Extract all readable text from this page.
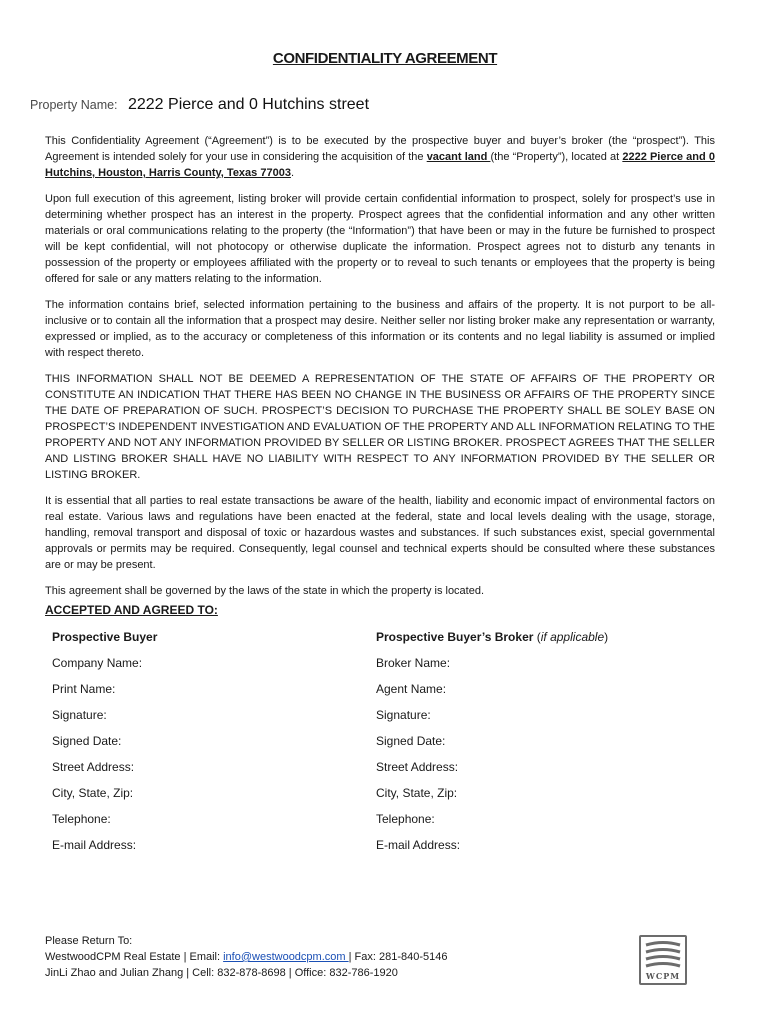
CONFIDENTIALITY AGREEMENT
Property Name: 2222 Pierce and 0 Hutchins street

This Confidentiality Agreement (“Agreement”) is to be executed by the prospective buyer and buyer’s broker (the “prospect”). This Agreement is intended solely for your use in considering the acquisition of the vacant land (the “Property”), located at 2222 Pierce and 0 Hutchins, Houston, Harris County, Texas 77003.

Upon full execution of this agreement, listing broker will provide certain confidential information to prospect, solely for prospect’s use in determining whether prospect has an interest in the property. Prospect agrees that the confidential information and any other written materials or oral communications relating to the property (the “Information”) that have been or may in the future be furnished to prospect will be kept confidential, will not photocopy or otherwise duplicate the information. Prospect agrees not to disturb any tenants in possession of the property or employees affiliated with the property or to reveal to such tenants or employees that the property is being offered for sale or any matters relating to the information.

The information contains brief, selected information pertaining to the business and affairs of the property. It is not purport to be all-inclusive or to contain all the information that a prospect may desire. Neither seller nor listing broker make any representation or warranty, expressed or implied, as to the accuracy or completeness of this information or its contents and no legal liability is assumed or implied with respect thereto.

THIS INFORMATION SHALL NOT BE DEEMED A REPRESENTATION OF THE STATE OF AFFAIRS OF THE PROPERTY OR CONSTITUTE AN INDICATION THAT THERE HAS BEEN NO CHANGE IN THE BUSINESS OR AFFAIRS OF THE PROPERTY SINCE THE DATE OF PREPARATION OF SUCH. PROSPECT’S DECISION TO PURCHASE THE PROPERTY SHALL BE SOLEY BASE ON PROSPECT’S INDEPENDENT INVESTIGATION AND EVALUATION OF THE PROPERTY AND ALL INFORMATION RELATING TO THE PROPERTY AND NOT ANY INFORMATION PROVIDED BY SELLER OR LISTING BROKER. PROSPECT AGREES THAT THE SELLER AND LISTING BROKER SHALL HAVE NO LIABILITY WITH RESPECT TO ANY INFORMATION PROVIDED BY THE SELLER OR LISTING BROKER.

It is essential that all parties to real estate transactions be aware of the health, liability and economic impact of environmental factors on real estate. Various laws and regulations have been enacted at the federal, state and local levels dealing with the usage, storage, handling, removal transport and disposal of toxic or hazardous wastes and substances. If such substances exist, special governmental approvals or permits may be required. Consequently, legal counsel and technical experts should be consulted where these substances are or may be present.

This agreement shall be governed by the laws of the state in which the property is located.

ACCEPTED AND AGREED TO:
Prospective Buyer
Company Name:
Print Name:
Signature:
Signed Date:
Street Address:
City, State, Zip:
Telephone:
E-mail Address:
Prospective Buyer’s Broker (if applicable)
Broker Name:
Agent Name:
Signature:
Signed Date:
Street Address:
City, State, Zip:
Telephone:
E-mail Address:
Please Return To:
WestwoodCPM Real Estate | Email: info@westwoodcpm.com | Fax: 281-840-5146
JinLi Zhao and Julian Zhang | Cell: 832-878-8698 | Office: 832-786-1920	WCPM
